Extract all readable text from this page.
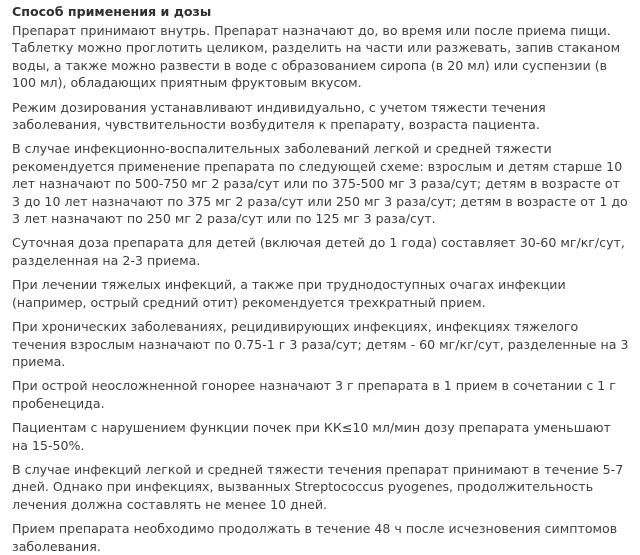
Способ применения и дозы

Препарат принимают внутрь. Препарат назначают до, во время или после приема пищи. Таблетку можно проглотить целиком, разделить на части или разжевать, запив стаканом воды, а также можно развести в воде с образованием сиропа (в 20 мл) или суспензии (в 100 мл), обладающих приятным фруктовым вкусом.

Режим дозирования устанавливают индивидуально, с учетом тяжести течения заболевания, чувствительности возбудителя к препарату, возраста пациента.

В случае инфекционно-воспалительных заболеваний легкой и средней тяжести рекомендуется применение препарата по следующей схеме: взрослым и детям старше 10 лет назначают по 500-750 мг 2 раза/сут или по 375-500 мг 3 раза/сут; детям в возрасте от 3 до 10 лет назначают по 375 мг 2 раза/сут или 250 мг 3 раза/сут; детям в возрасте от 1 до 3 лет назначают по 250 мг 2 раза/сут или по 125 мг 3 раза/сут.

Суточная доза препарата для детей (включая детей до 1 года) составляет 30-60 мг/кг/сут, разделенная на 2-3 приема.

При лечении тяжелых инфекций, а также при труднодоступных очагах инфекции (например, острый средний отит) рекомендуется трехкратный прием.

При хронических заболеваниях, рецидивирующих инфекциях, инфекциях тяжелого течения взрослым назначают по 0.75-1 г 3 раза/сут; детям - 60 мг/кг/сут, разделенные на 3 приема.

При острой неосложненной гонорее назначают 3 г препарата в 1 прием в сочетании с 1 г пробенецида.

Пациентам с нарушением функции почек при КК≤10 мл/мин дозу препарата уменьшают на 15-50%.

В случае инфекций легкой и средней тяжести течения препарат принимают в течение 5-7 дней. Однако при инфекциях, вызванных Streptococcus pyogenes, продолжительность лечения должна составлять не менее 10 дней.

Прием препарата необходимо продолжать в течение 48 ч после исчезновения симптомов заболевания.
